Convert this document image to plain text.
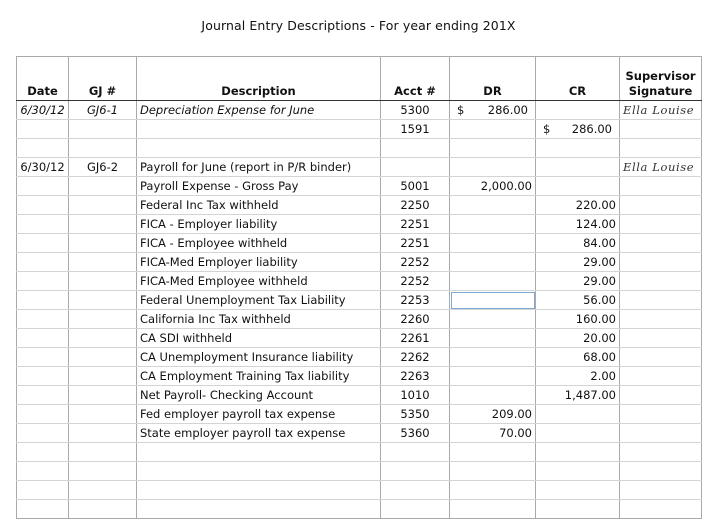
Journal Entry Descriptions - For year ending 201X
Date	GJ #	Description	Acct #	DR	CR	Supervisor
Signature

6/30/12	GJ6-1	Depreciation Expense for June	5300	$ 286.00		Ella Louise
			1591		$ 286.00	

6/30/12	GJ6-2	Payroll for June (report in P/R binder)				Ella Louise
		Payroll Expense - Gross Pay	5001	2,000.00		
		Federal Inc Tax withheld	2250		220.00	
		FICA - Employer liability	2251		124.00	
		FICA - Employee withheld	2251		84.00	
		FICA-Med Employer liability	2252		29.00	
		FICA-Med Employee withheld	2252		29.00	
		Federal Unemployment Tax Liability	2253		56.00	
		California Inc Tax withheld	2260		160.00	
		CA SDI withheld	2261		20.00	
		CA Unemployment Insurance liability	2262		68.00	
		CA Employment Training Tax liability	2263		2.00	
		Net Payroll- Checking Account	1010		1,487.00	
		Fed employer payroll tax expense	5350	209.00		
		State employer payroll tax expense	5360	70.00		
